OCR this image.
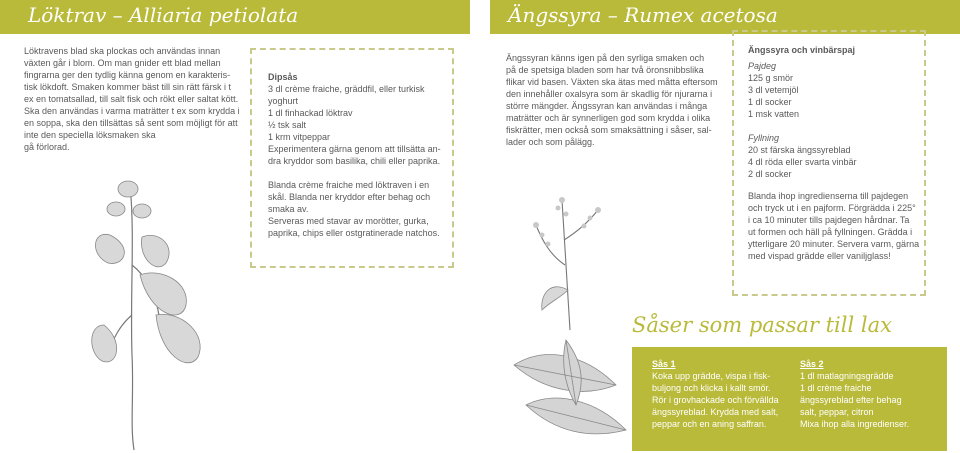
Löktrav – Alliaria petiolata

Löktravens blad ska plockas och användas innan

växten går i blom. Om man gnider ett blad mellan

fingrarna ger den tydlig känna genom en karakteris-

tisk lökdoft. Smaken kommer bäst till sin rätt färsk i t

ex en tomatsallad, till salt fisk och rökt eller saltat kött.

Ska den användas i varma maträtter t ex som krydda i

en soppa, ska den tillsättas så sent som möjligt för att

inte den speciella löksmaken ska

gå förlorad.

Dipsås

3 dl crème fraiche, gräddfil, eller turkisk

yoghurt

1 dl finhackad löktrav

½ tsk salt

1 krm vitpeppar

Experimentera gärna genom att tillsätta an-

dra kryddor som basilika, chili eller paprika.

Blanda crème fraiche med löktraven i en

skål. Blanda ner kryddor efter behag och

smaka av.

Serveras med stavar av morötter, gurka,

paprika, chips eller ostgratinerade natchos.

Ängssyra – Rumex acetosa

Ängssyran känns igen på den syrliga smaken och

på de spetsiga bladen som har två öronsnibbslika

flikar vid basen. Växten ska ätas med måtta eftersom

den innehåller oxalsyra som är skadlig för njurarna i

större mängder. Ängssyran kan användas i många

maträtter och är synnerligen god som krydda i olika

fiskrätter, men också som smaksättning i såser, sal-

lader och som pålägg.

Ängssyra och vinbärspaj

Pajdeg

125 g smör

3 dl vetemjöl

1 dl socker

1 msk vatten

Fyllning

20 st färska ängssyreblad

4 dl röda eller svarta vinbär

2 dl socker

Blanda ihop ingredienserna till pajdegen

och tryck ut i en pajform. Förgrädda i 225°

i ca 10 minuter tills pajdegen hårdnar. Ta

ut formen och häll på fyllningen. Grädda i

ytterligare 20 minuter. Servera varm, gärna

med vispad grädde eller vaniljglass!

Såser som passar till lax

Sås 1

Koka upp grädde, vispa i fisk-

buljong och klicka i kallt smör.

Rör i grovhackade och förvällda

ängssyreblad. Krydda med salt,

peppar och en aning saffran.

Sås 2

1 dl matlagningsgrädde

1 dl crème fraiche

ängssyreblad efter behag

salt, peppar, citron

Mixa ihop alla ingredienser.
